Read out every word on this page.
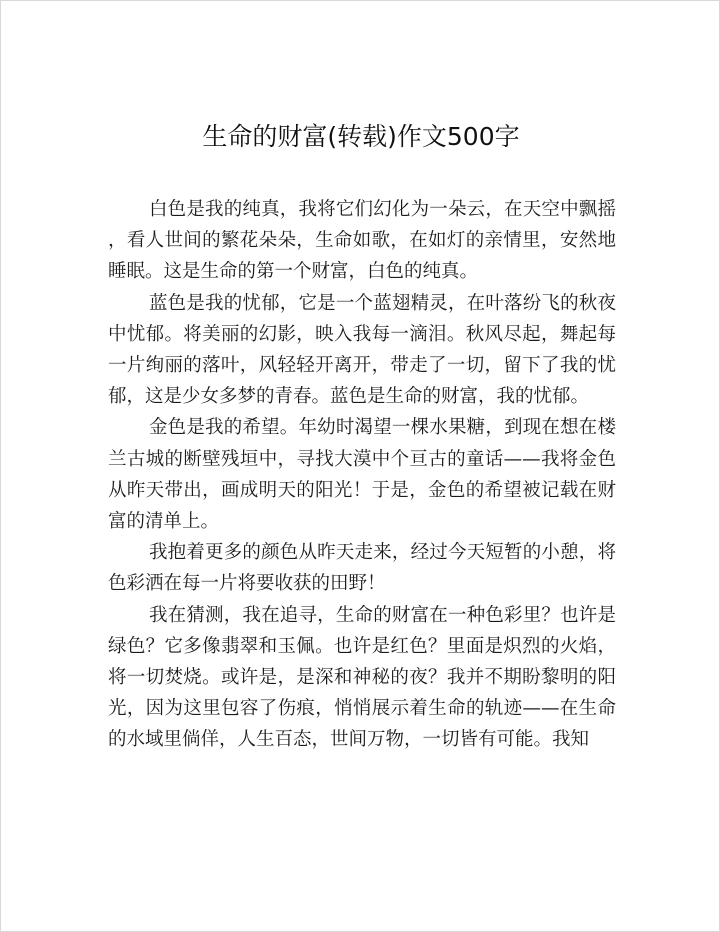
生命的财富(转载)作文500字

白色是我的纯真，我将它们幻化为一朵云，在天空中飘摇，看人世间的繁花朵朵，生命如歌，在如灯的亲情里，安然地睡眠。这是生命的第一个财富，白色的纯真。

蓝色是我的忧郁，它是一个蓝翅精灵，在叶落纷飞的秋夜中忧郁。将美丽的幻影，映入我每一滴泪。秋风尽起，舞起每一片绚丽的落叶，风轻轻开离开，带走了一切，留下了我的忧郁，这是少女多梦的青春。蓝色是生命的财富，我的忧郁。

金色是我的希望。年幼时渴望一棵水果糖，到现在想在楼兰古城的断壁残垣中，寻找大漠中个亘古的童话——我将金色从昨天带出，画成明天的阳光！于是，金色的希望被记载在财富的清单上。

我抱着更多的颜色从昨天走来，经过今天短暂的小憩，将色彩洒在每一片将要收获的田野！

我在猜测，我在追寻，生命的财富在一种色彩里？也许是绿色？它多像翡翠和玉佩。也许是红色？里面是炽烈的火焰，将一切焚烧。或许是，是深和神秘的夜？我并不期盼黎明的阳光，因为这里包容了伤痕，悄悄展示着生命的轨迹——在生命的水域里倘佯，人生百态，世间万物，一切皆有可能。我知
